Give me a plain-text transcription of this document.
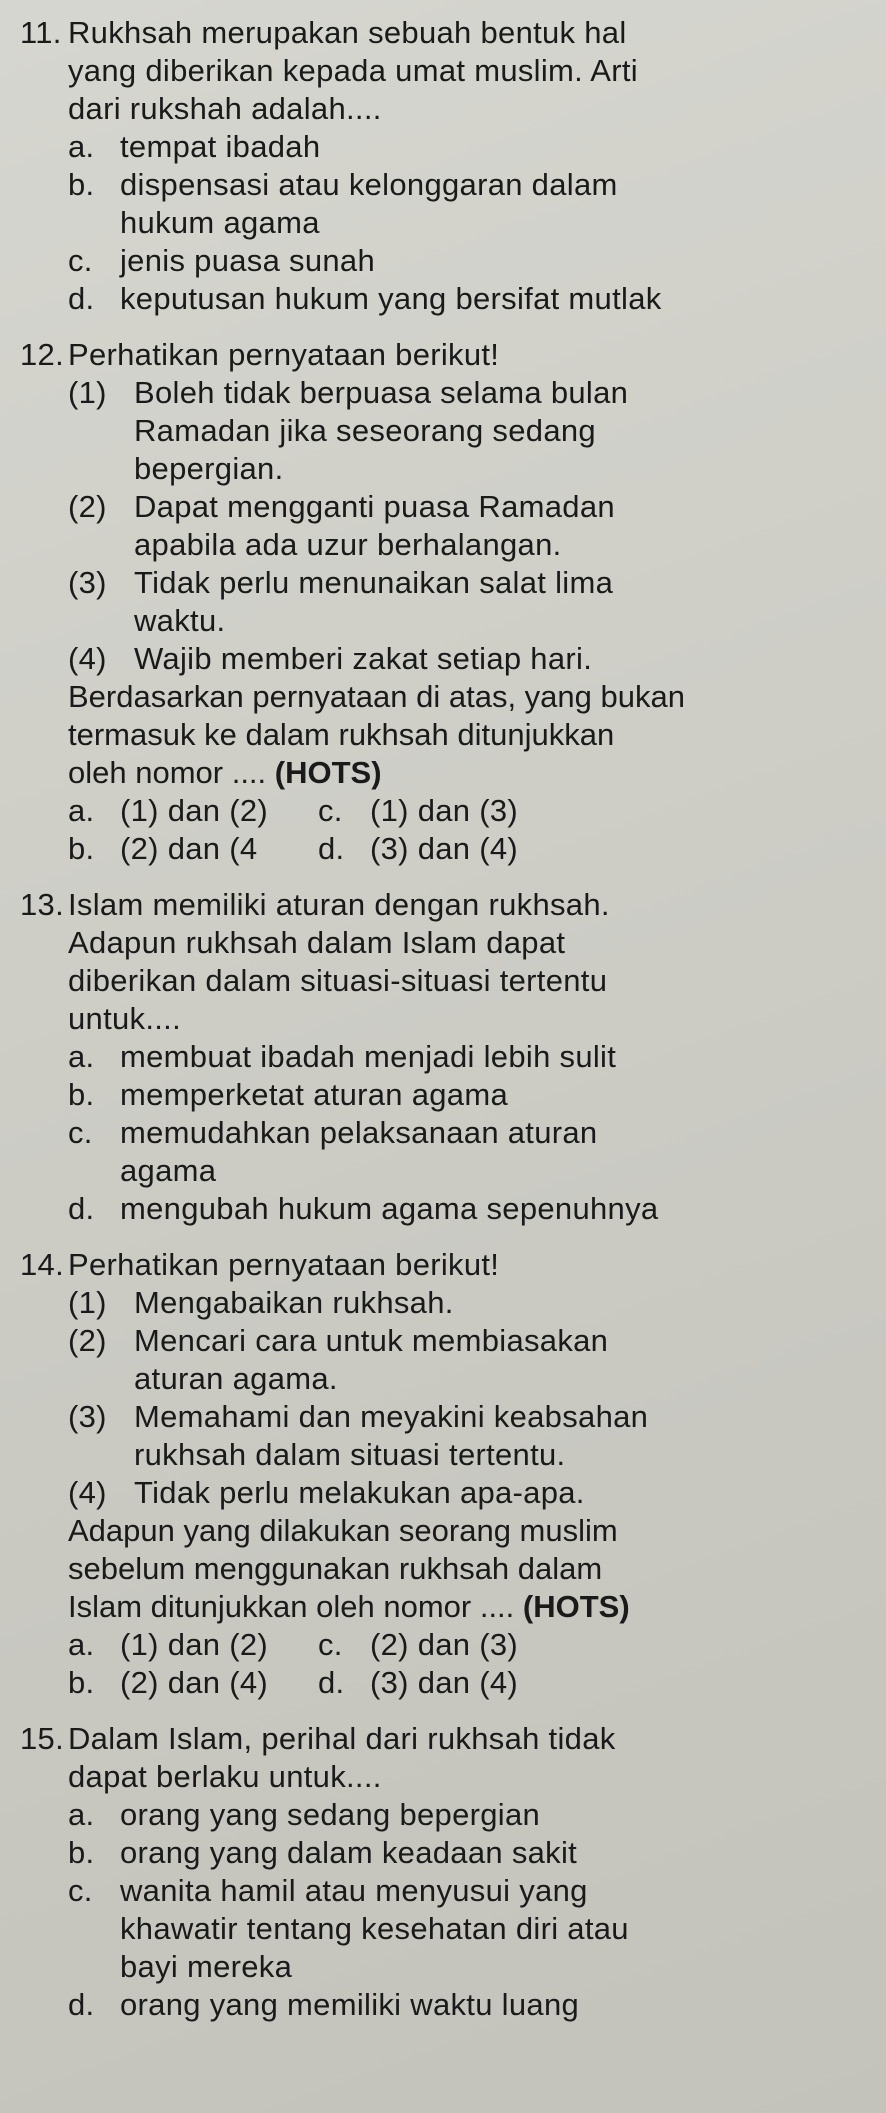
11. Rukhsah merupakan sebuah bentuk hal

yang diberikan kepada umat muslim. Arti

dari rukshah adalah....

a. tempat ibadah
b. dispensasi atau kelonggaran dalam
hukum agama
c. jenis puasa sunah
d. keputusan hukum yang bersifat mutlak
12. Perhatikan pernyataan berikut!

(1) Boleh tidak berpuasa selama bulan
Ramadan jika seseorang sedang
bepergian.
(2) Dapat mengganti puasa Ramadan
apabila ada uzur berhalangan.
(3) Tidak perlu menunaikan salat lima
waktu.
(4) Wajib memberi zakat setiap hari.
Berdasarkan pernyataan di atas, yang bukan
termasuk ke dalam rukhsah ditunjukkan
oleh nomor .... (HOTS)
a. (1) dan (2) c. (1) dan (3)
b. (2) dan (4 d. (3) dan (4)
13. Islam memiliki aturan dengan rukhsah.

Adapun rukhsah dalam Islam dapat

diberikan dalam situasi-situasi tertentu

untuk....

a. membuat ibadah menjadi lebih sulit
b. memperketat aturan agama
c. memudahkan pelaksanaan aturan
agama
d. mengubah hukum agama sepenuhnya
14. Perhatikan pernyataan berikut!

(1) Mengabaikan rukhsah.
(2) Mencari cara untuk membiasakan
aturan agama.
(3) Memahami dan meyakini keabsahan
rukhsah dalam situasi tertentu.
(4) Tidak perlu melakukan apa-apa.
Adapun yang dilakukan seorang muslim
sebelum menggunakan rukhsah dalam
Islam ditunjukkan oleh nomor .... (HOTS)
a. (1) dan (2) c. (2) dan (3)
b. (2) dan (4) d. (3) dan (4)
15. Dalam Islam, perihal dari rukhsah tidak

dapat berlaku untuk....

a. orang yang sedang bepergian
b. orang yang dalam keadaan sakit
c. wanita hamil atau menyusui yang
khawatir tentang kesehatan diri atau
bayi mereka
d. orang yang memiliki waktu luang
